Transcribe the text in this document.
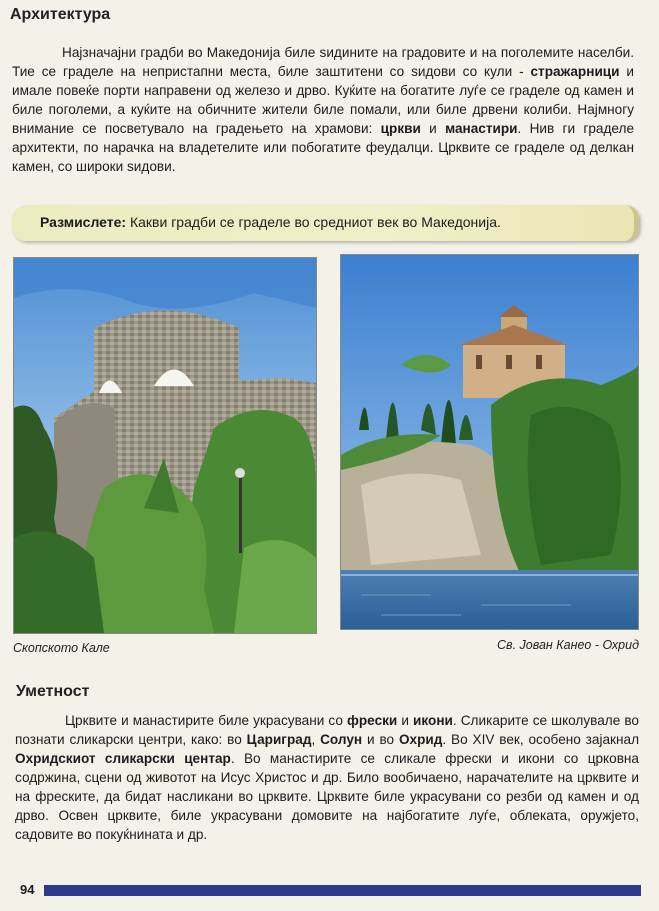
Архитектура

Најзначајни градби во Македонија биле ѕидините на градовите и на поголемите населби. Тие се граделе на непристапни места, биле заштитени со ѕидови со кули - стражарници и имале повеќе порти направени од железо и дрво. Куќите на богатите луѓе се граделе од камен и биле поголеми, а куќите на обичните жители биле помали, или биле дрвени колиби. Најмногу внимание се посветувало на градењето на храмови: цркви и манастири. Нив ги граделе архитекти, по нарачка на владетелите или побогатите феудалци. Црквите се граделе од делкан камен, со широки ѕидови.

Размислете: Какви градби се граделе во средниот век во Македонија.
Скопското Кале	Св. Јован Канео - Охрид
Уметност

Црквите и манастирите биле украсувани со фрески и икони. Сликарите се школувале во познати сликарски центри, како: во Цариград, Солун и во Охрид. Во XIV век, особено зајакнал Охридскиот сликарски центар. Во манастирите се сликале фрески и икони со црковна содржина, сцени од животот на Исус Христос и др. Било вообичаено, нарачателите на црквите и на фреските, да бидат насликани во црквите. Црквите биле украсувани со резби од камен и од дрво. Освен црквите, биле украсувани домовите на најбогатите луѓе, облеката, оружјето, садовите во покуќнината и др.

94
